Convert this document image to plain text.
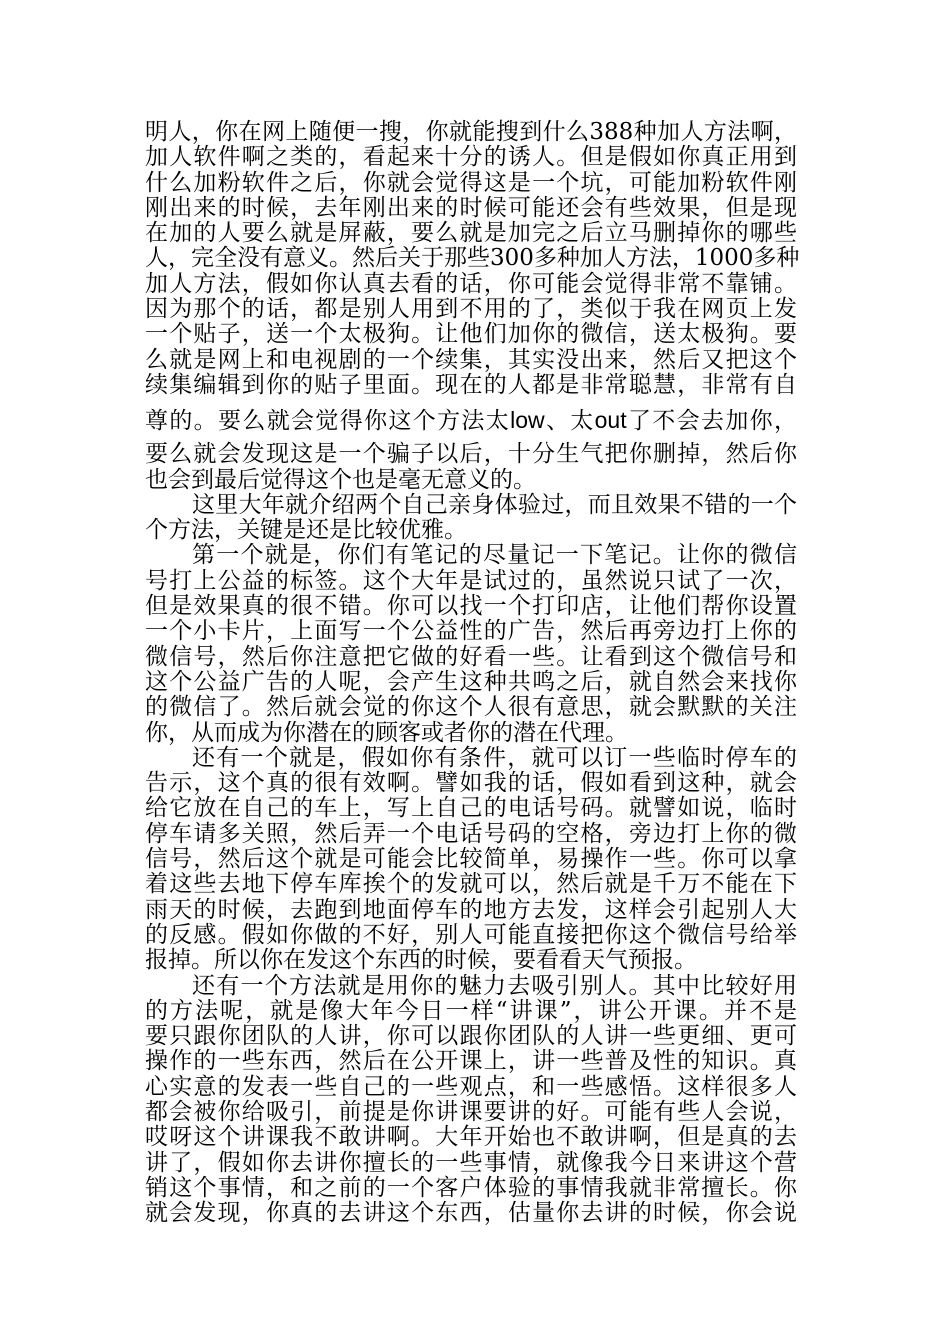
明人，你在网上随便一搜，你就能搜到什么388种加人方法啊，
加人软件啊之类的，看起来十分的诱人。但是假如你真正用到
什么加粉软件之后，你就会觉得这是一个坑，可能加粉软件刚
刚出来的时候，去年刚出来的时候可能还会有些效果，但是现
在加的人要么就是屏蔽，要么就是加完之后立马删掉你的哪些
人，完全没有意义。然后关于那些300多种加人方法，1000多种
加人方法，假如你认真去看的话，你可能会觉得非常不靠铺。
因为那个的话，都是别人用到不用的了，类似于我在网页上发
一个贴子，送一个太极狗。让他们加你的微信，送太极狗。要
么就是网上和电视剧的一个续集，其实没出来，然后又把这个
续集编辑到你的贴子里面。现在的人都是非常聪慧，非常有自
尊的。要么就会觉得你这个方法太low、太out了不会去加你，
要么就会发现这是一个骗子以后，十分生气把你删掉，然后你
也会到最后觉得这个也是毫无意义的。
这里大年就介绍两个自己亲身体验过，而且效果不错的一个
个方法，关键是还是比较优雅。
第一个就是，你们有笔记的尽量记一下笔记。让你的微信
号打上公益的标签。这个大年是试过的，虽然说只试了一次，
但是效果真的很不错。你可以找一个打印店，让他们帮你设置
一个小卡片，上面写一个公益性的广告，然后再旁边打上你的
微信号，然后你注意把它做的好看一些。让看到这个微信号和
这个公益广告的人呢，会产生这种共鸣之后，就自然会来找你
的微信了。然后就会觉的你这个人很有意思，就会默默的关注
你，从而成为你潜在的顾客或者你的潜在代理。
还有一个就是，假如你有条件，就可以订一些临时停车的
告示，这个真的很有效啊。譬如我的话，假如看到这种，就会
给它放在自己的车上，写上自己的电话号码。就譬如说，临时
停车请多关照，然后弄一个电话号码的空格，旁边打上你的微
信号，然后这个就是可能会比较简单，易操作一些。你可以拿
着这些去地下停车库挨个的发就可以，然后就是千万不能在下
雨天的时候，去跑到地面停车的地方去发，这样会引起别人大
的反感。假如你做的不好，别人可能直接把你这个微信号给举
报掉。所以你在发这个东西的时候，要看看天气预报。
还有一个方法就是用你的魅力去吸引别人。其中比较好用
的方法呢，就是像大年今日一样“讲课”，讲公开课。并不是
要只跟你团队的人讲，你可以跟你团队的人讲一些更细、更可
操作的一些东西，然后在公开课上，讲一些普及性的知识。真
心实意的发表一些自己的一些观点，和一些感悟。这样很多人
都会被你给吸引，前提是你讲课要讲的好。可能有些人会说，
哎呀这个讲课我不敢讲啊。大年开始也不敢讲啊，但是真的去
讲了，假如你去讲你擅长的一些事情，就像我今日来讲这个营
销这个事情，和之前的一个客户体验的事情我就非常擅长。你
就会发现，你真的去讲这个东西，估量你去讲的时候，你会说
